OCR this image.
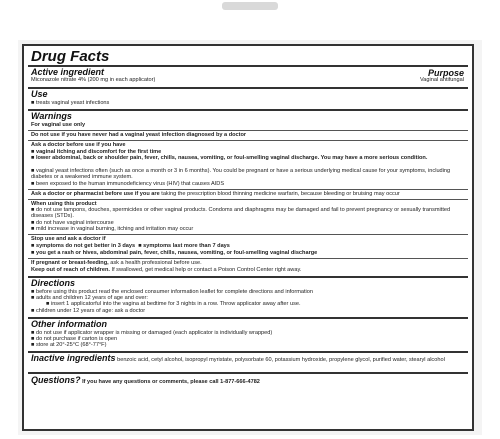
Drug Facts
Active ingredient	Purpose
Miconazole nitrate 4% (200 mg in each applicator)	Vaginal antifungal
Use
■ treats vaginal yeast infections
Warnings
For vaginal use only
Do not use if you have never had a vaginal yeast infection diagnosed by a doctor
Ask a doctor before use if you have
■ vaginal itching and discomfort for the first time
■ lower abdominal, back or shoulder pain, fever, chills, nausea, vomiting, or foul-smelling vaginal discharge. You may have a more serious condition.
■ vaginal yeast infections often (such as once a month or 3 in 6 months). You could be pregnant or have a serious underlying medical cause for your symptoms, including diabetes or a weakened immune system.
■ been exposed to the human immunodeficiency virus (HIV) that causes AIDS
Ask a doctor or pharmacist before use if you are taking the prescription blood thinning medicine warfarin, because bleeding or bruising may occur
When using this product
■ do not use tampons, douches, spermicides or other vaginal products. Condoms and diaphragms may be damaged and fail to prevent pregnancy or sexually transmitted diseases (STDs).
■ do not have vaginal intercourse
■ mild increase in vaginal burning, itching and irritation may occur
Stop use and ask a doctor if
■ symptoms do not get better in 3 days ■ symptoms last more than 7 days
■ you get a rash or hives, abdominal pain, fever, chills, nausea, vomiting, or foul-smelling vaginal discharge
If pregnant or breast-feeding, ask a health professional before use.
Keep out of reach of children. If swallowed, get medical help or contact a Poison Control Center right away.
Directions
■ before using this product read the enclosed consumer information leaflet for complete directions and information
■ adults and children 12 years of age and over:
■ insert 1 applicatorful into the vagina at bedtime for 3 nights in a row. Throw applicator away after use.
■ children under 12 years of age: ask a doctor
Other information
■ do not use if applicator wrapper is missing or damaged (each applicator is individually wrapped)
■ do not purchase if carton is open
■ store at 20°-25°C (68°-77°F)
Inactive ingredients benzoic acid, cetyl alcohol, isopropyl myristate, polysorbate 60, potassium hydroxide, propylene glycol, purified water, stearyl alcohol
Questions? If you have any questions or comments, please call 1-877-666-4782
